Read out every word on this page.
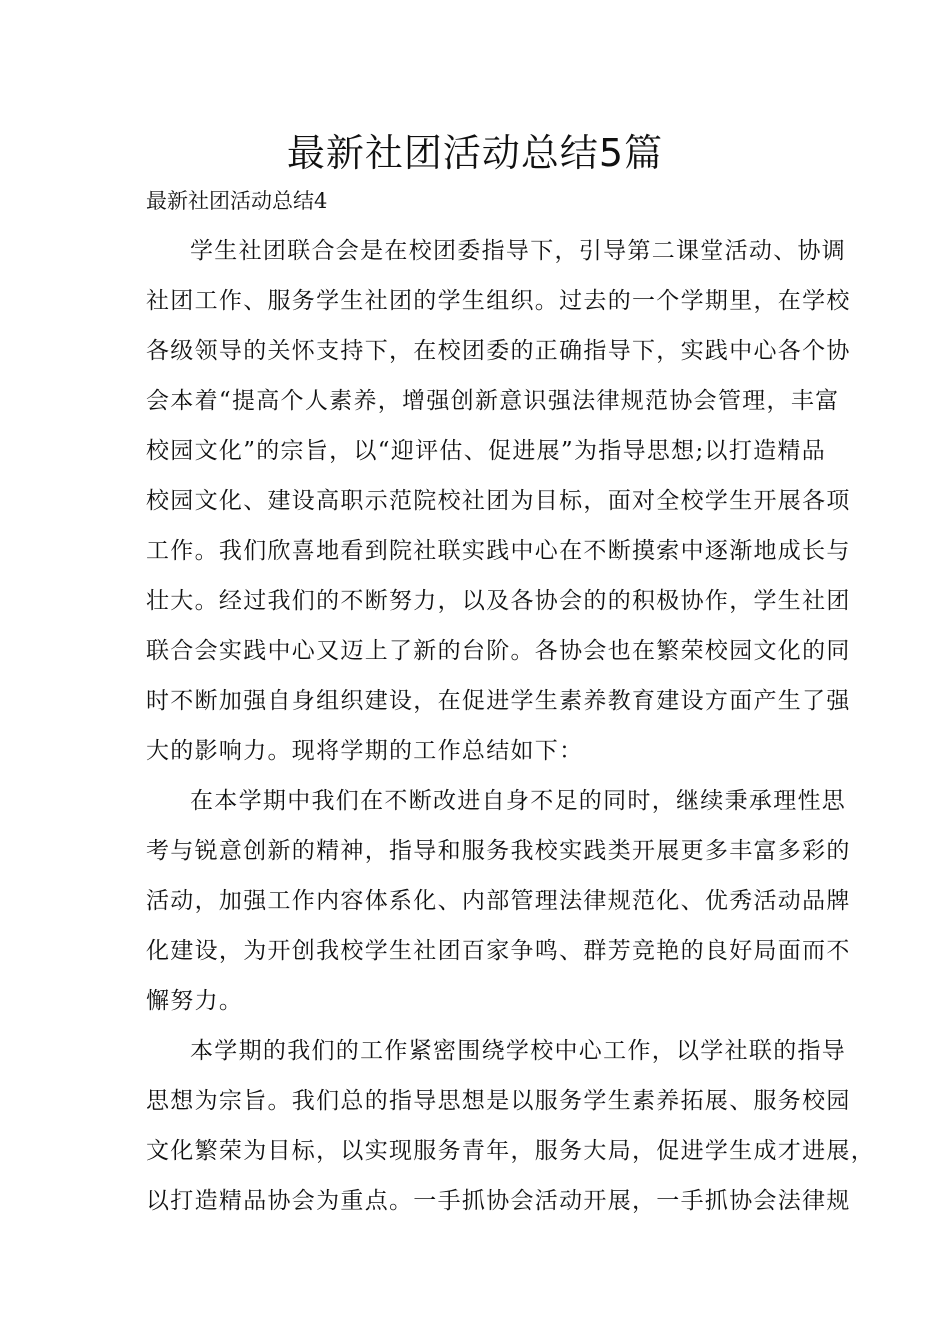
最新社团活动总结5篇
最新社团活动总结4
学生社团联合会是在校团委指导下，引导第二课堂活动、协调
社团工作、服务学生社团的学生组织。过去的一个学期里，在学校
各级领导的关怀支持下，在校团委的正确指导下，实践中心各个协
会本着“提高个人素养，增强创新意识强法律规范协会管理，丰富
校园文化”的宗旨，以“迎评估、促进展”为指导思想;以打造精品
校园文化、建设高职示范院校社团为目标，面对全校学生开展各项
工作。我们欣喜地看到院社联实践中心在不断摸索中逐渐地成长与
壮大。经过我们的不断努力，以及各协会的的积极协作，学生社团
联合会实践中心又迈上了新的台阶。各协会也在繁荣校园文化的同
时不断加强自身组织建设，在促进学生素养教育建设方面产生了强
大的影响力。现将学期的工作总结如下：
在本学期中我们在不断改进自身不足的同时，继续秉承理性思
考与锐意创新的精神，指导和服务我校实践类开展更多丰富多彩的
活动，加强工作内容体系化、内部管理法律规范化、优秀活动品牌
化建设，为开创我校学生社团百家争鸣、群芳竞艳的良好局面而不
懈努力。
本学期的我们的工作紧密围绕学校中心工作，以学社联的指导
思想为宗旨。我们总的指导思想是以服务学生素养拓展、服务校园
文化繁荣为目标，以实现服务青年，服务大局，促进学生成才进展，
以打造精品协会为重点。一手抓协会活动开展，一手抓协会法律规
